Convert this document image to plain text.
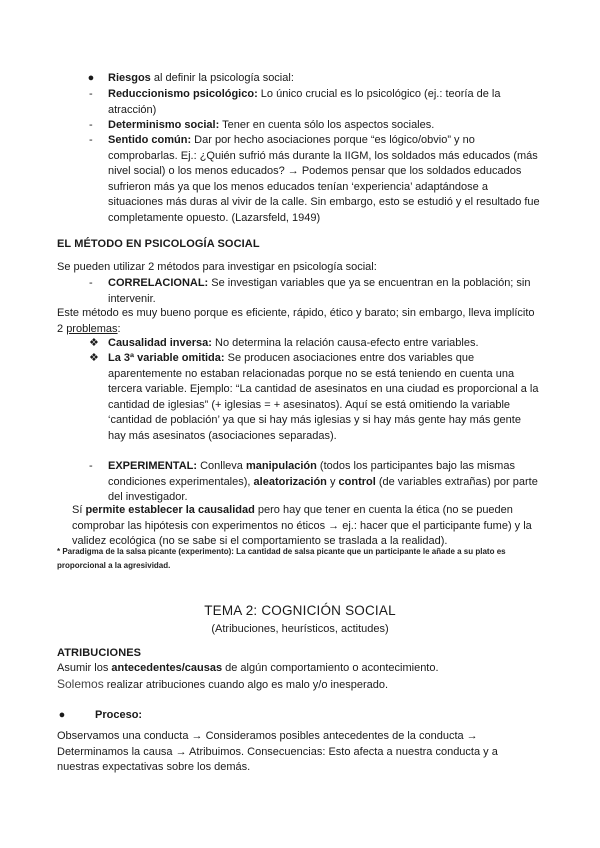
●	Riesgos al definir la psicología social:
- Reduccionismo psicológico: Lo único crucial es lo psicológico (ej.: teoría de la
atracción)
- Determinismo social: Tener en cuenta sólo los aspectos sociales.
- Sentido común: Dar por hecho asociaciones porque “es lógico/obvio” y no
comprobarlas. Ej.: ¿Quién sufrió más durante la IIGM, los soldados más educados (más
nivel social) o los menos educados? → Podemos pensar que los soldados educados
sufrieron más ya que los menos educados tenían ‘experiencia’ adaptándose a
situaciones más duras al vivir de la calle. Sin embargo, esto se estudió y el resultado fue
completamente opuesto. (Lazarsfeld, 1949)
EL MÉTODO EN PSICOLOGÍA SOCIAL
Se pueden utilizar 2 métodos para investigar en psicología social:
- CORRELACIONAL: Se investigan variables que ya se encuentran en la población; sin
intervenir.
Este método es muy bueno porque es eficiente, rápido, ético y barato; sin embargo, lleva implícito
2 problemas:
❖ Causalidad inversa: No determina la relación causa-efecto entre variables.
❖ La 3ª variable omitida: Se producen asociaciones entre dos variables que
aparentemente no estaban relacionadas porque no se está teniendo en cuenta una
tercera variable. Ejemplo: “La cantidad de asesinatos en una ciudad es proporcional a la
cantidad de iglesias” (+ iglesias = + asesinatos). Aquí se está omitiendo la variable
‘cantidad de población’ ya que si hay más iglesias y si hay más gente hay más gente
hay más asesinatos (asociaciones separadas).
- EXPERIMENTAL: Conlleva manipulación (todos los participantes bajo las mismas
condiciones experimentales), aleatorización y control (de variables extrañas) por parte
del investigador.
Sí permite establecer la causalidad pero hay que tener en cuenta la ética (no se pueden
comprobar las hipótesis con experimentos no éticos → ej.: hacer que el participante fume) y la
validez ecológica (no se sabe si el comportamiento se traslada a la realidad).
* Paradigma de la salsa picante (experimento): La cantidad de salsa picante que un participante le añade a su plato es
proporcional a la agresividad.
TEMA 2: COGNICIÓN SOCIAL
(Atribuciones, heurísticos, actitudes)
ATRIBUCIONES
Asumir los antecedentes/causas de algún comportamiento o acontecimiento.
Solemos realizar atribuciones cuando algo es malo y/o inesperado.
●	Proceso:
Observamos una conducta → Consideramos posibles antecedentes de la conducta →
Determinamos la causa → Atribuimos. Consecuencias: Esto afecta a nuestra conducta y a
nuestras expectativas sobre los demás.
